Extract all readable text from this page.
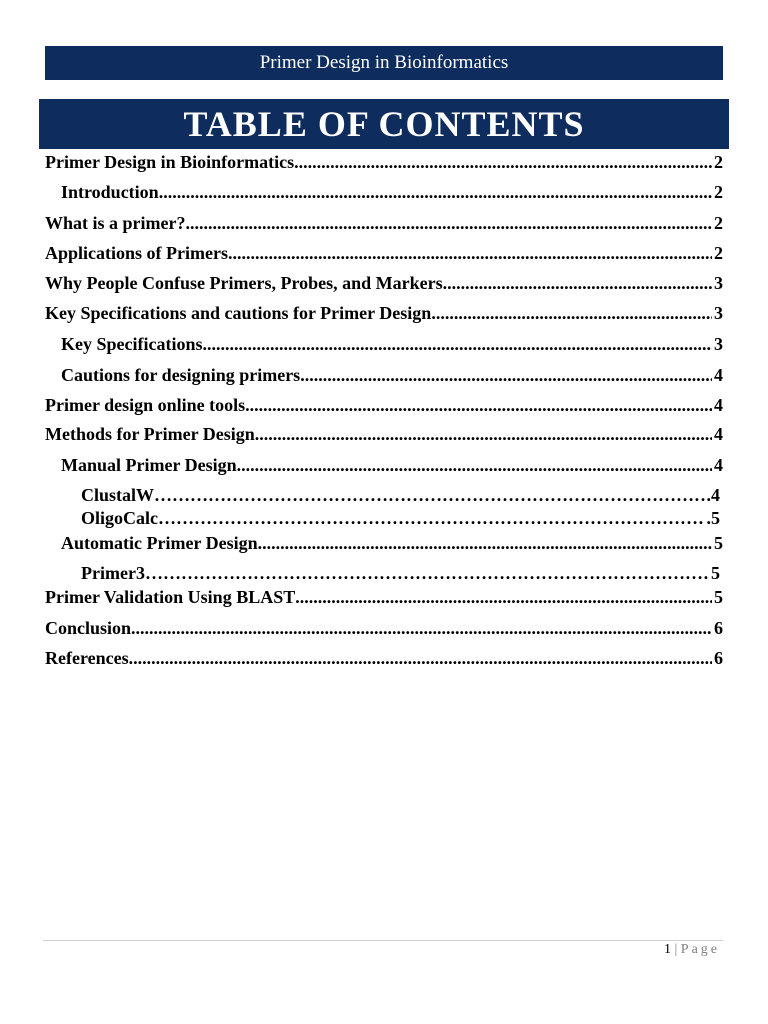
Primer Design in Bioinformatics
TABLE OF CONTENTS
Primer Design in Bioinformatics .....	2
Introduction .....	2
What is a primer? .....	2
Applications of Primers .....	2
Why People Confuse Primers, Probes, and Markers .....	3
Key Specifications and cautions for Primer Design .....	3
Key Specifications .....	3
Cautions for designing primers .....	4
Primer design online tools .....	4
Methods for Primer Design .....	4
Manual Primer Design .....	4
ClustalW ………………………………………………………………………………………………………………………………………………………………	.4
OligoCalc ………………………………………………………………………………………………………………………………………………………………	.5
Automatic Primer Design .....	5
Primer3 ………………………………………………………………………………………………………………………………………………………………	5
Primer Validation Using BLAST .....	5
Conclusion .....	6
References .....	6
1 | Page
